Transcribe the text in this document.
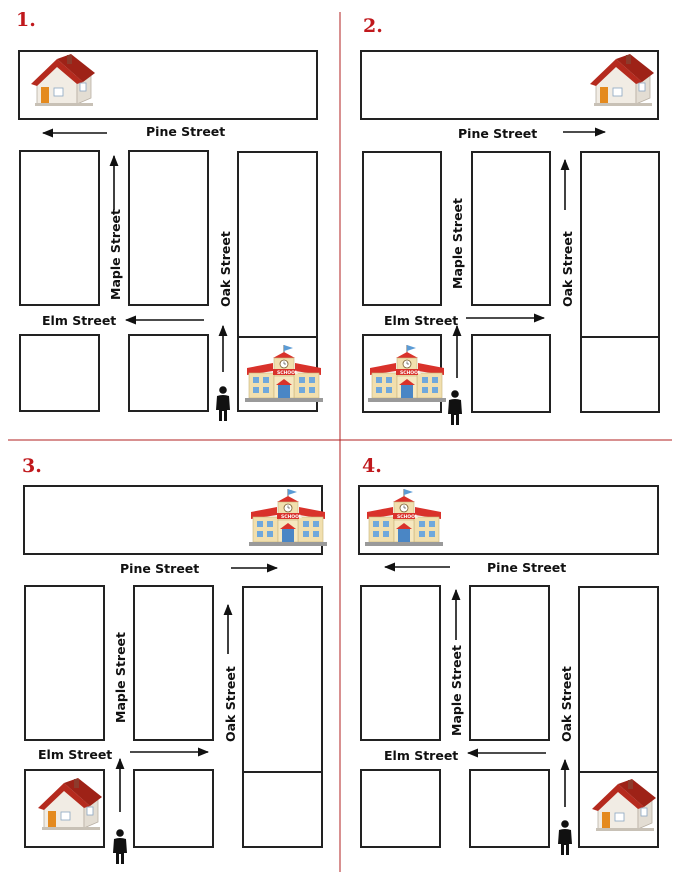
1.
Pine Street
Elm Street
Maple Street	Oak Street
SCHOOL
2.
Pine Street
Elm Street
Maple Street	Oak Street
SCHOOL
3.
Pine Street
Elm Street
Maple Street	Oak Street
SCHOOL
4.
Pine Street
Elm Street
Maple Street	Oak Street
SCHOOL
